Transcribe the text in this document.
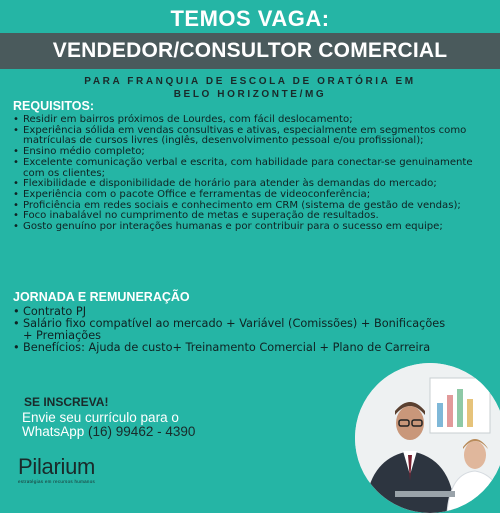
TEMOS VAGA:
VENDEDOR/CONSULTOR COMERCIAL
PARA FRANQUIA DE ESCOLA DE ORATÓRIA EM
BELO HORIZONTE/MG
REQUISITOS:
• Residir em bairros próximos de Lourdes, com fácil deslocamento;
• Experiência sólida em vendas consultivas e ativas, especialmente em segmentos como matrículas de cursos livres (inglês, desenvolvimento pessoal e/ou profissional);
• Ensino médio completo;
• Excelente comunicação verbal e escrita, com habilidade para conectar-se genuinamente com os clientes;
• Flexibilidade e disponibilidade de horário para atender às demandas do mercado;
• Experiência com o pacote Office e ferramentas de videoconferência;
• Proficiência em redes sociais e conhecimento em CRM (sistema de gestão de vendas);
• Foco inabalável no cumprimento de metas e superação de resultados.
• Gosto genuíno por interações humanas e por contribuir para o sucesso em equipe;
JORNADA E REMUNERAÇÃO
• Contrato PJ
• Salário fixo compatível ao mercado + Variável (Comissões) + Bonificações + Premiações
• Benefícios: Ajuda de custo+ Treinamento Comercial + Plano de Carreira
SE INSCREVA!
Envie seu currículo para o
WhatsApp (16) 99462 - 4390
Pilarium
estratégias em recursos humanos
